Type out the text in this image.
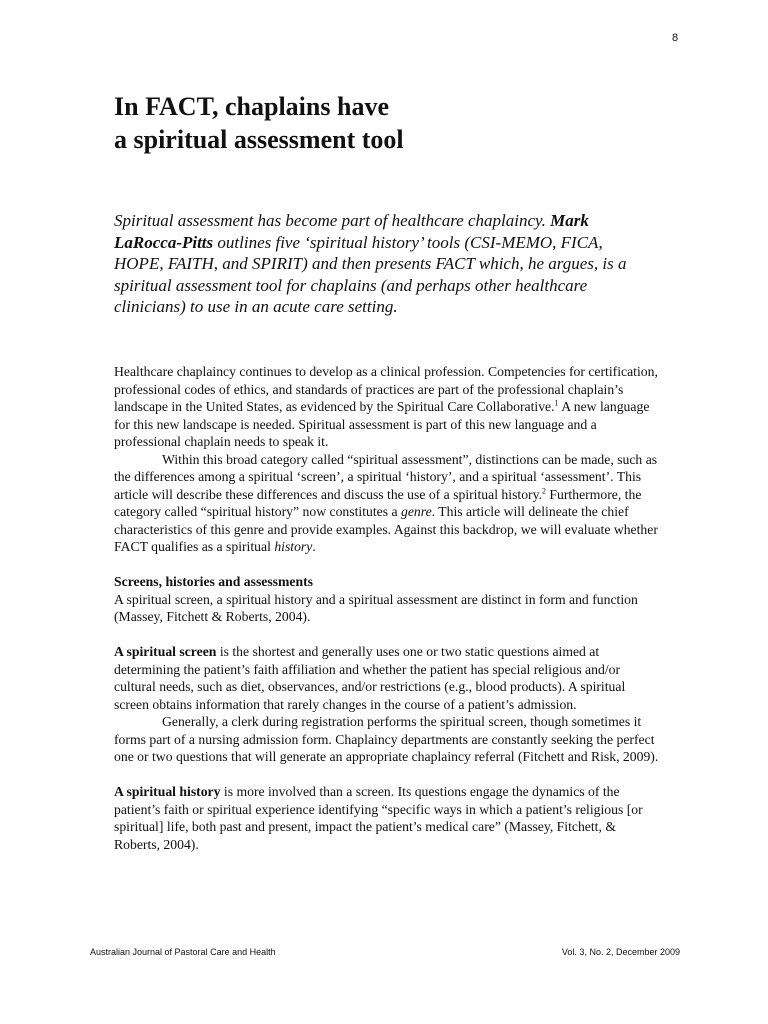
8
In FACT, chaplains have
a spiritual assessment tool

Spiritual assessment has become part of healthcare chaplaincy. Mark LaRocca-Pitts outlines five ‘spiritual history’ tools (CSI-MEMO, FICA, HOPE, FAITH, and SPIRIT) and then presents FACT which, he argues, is a spiritual assessment tool for chaplains (and perhaps other healthcare clinicians) to use in an acute care setting.

Healthcare chaplaincy continues to develop as a clinical profession. Competencies for certification, professional codes of ethics, and standards of practices are part of the professional chaplain’s landscape in the United States, as evidenced by the Spiritual Care Collaborative.$^1$ A new language for this new landscape is needed. Spiritual assessment is part of this new language and a professional chaplain needs to speak it.

Within this broad category called “spiritual assessment”, distinctions can be made, such as the differences among a spiritual ‘screen’, a spiritual ‘history’, and a spiritual ‘assessment’. This article will describe these differences and discuss the use of a spiritual history.$^2$ Furthermore, the category called “spiritual history” now constitutes a genre. This article will delineate the chief characteristics of this genre and provide examples. Against this backdrop, we will evaluate whether FACT qualifies as a spiritual history.

Screens, histories and assessments

A spiritual screen, a spiritual history and a spiritual assessment are distinct in form and function (Massey, Fitchett & Roberts, 2004).

A spiritual screen is the shortest and generally uses one or two static questions aimed at determining the patient’s faith affiliation and whether the patient has special religious and/or cultural needs, such as diet, observances, and/or restrictions (e.g., blood products). A spiritual screen obtains information that rarely changes in the course of a patient’s admission.

Generally, a clerk during registration performs the spiritual screen, though sometimes it forms part of a nursing admission form. Chaplaincy departments are constantly seeking the perfect one or two questions that will generate an appropriate chaplaincy referral (Fitchett and Risk, 2009).

A spiritual history is more involved than a screen. Its questions engage the dynamics of the patient’s faith or spiritual experience identifying “specific ways in which a patient’s religious [or spiritual] life, both past and present, impact the patient’s medical care” (Massey, Fitchett, & Roberts, 2004).

Australian Journal of Pastoral Care and Health	Vol. 3, No. 2, December 2009
